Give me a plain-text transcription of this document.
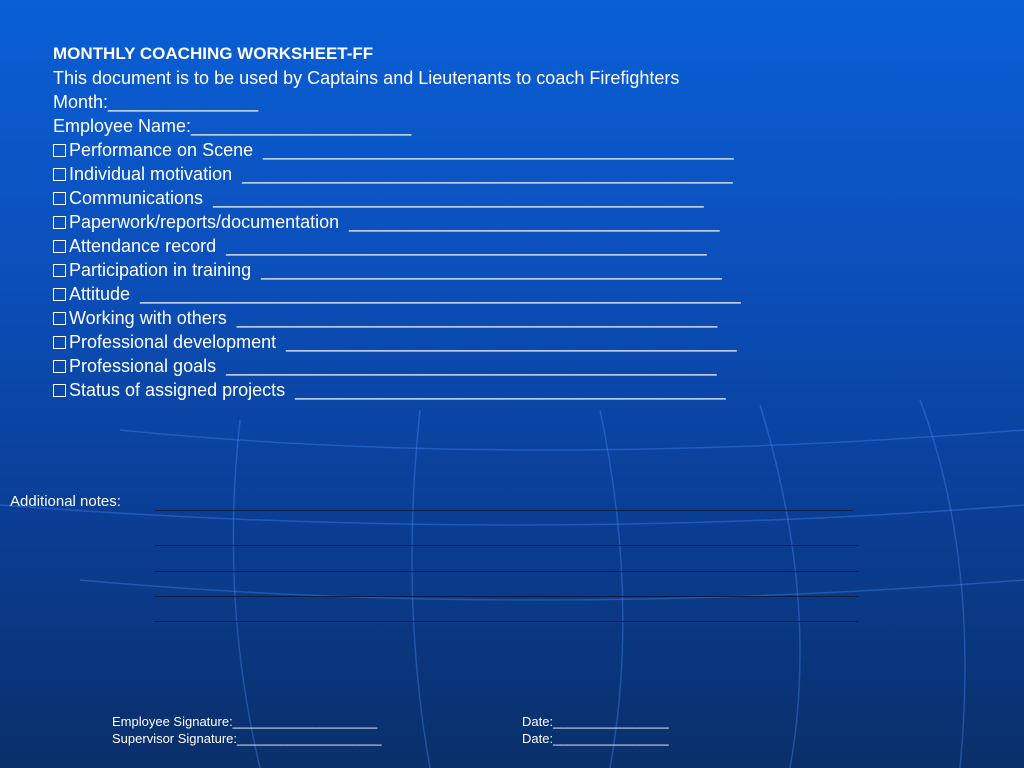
MONTHLY COACHING WORKSHEET-FF
This document is to be used by Captains and Lieutenants to coach Firefighters
Month:_______________
Employee Name:______________________
Performance on Scene _______________________________________________
Individual motivation _________________________________________________
Communications _________________________________________________
Paperwork/reports/documentation _____________________________________
Attendance record ________________________________________________
Participation in training ______________________________________________
Attitude ____________________________________________________________
Working with others ________________________________________________
Professional development _____________________________________________
Professional goals _________________________________________________
Status of assigned projects ___________________________________________
Additional notes:
Employee Signature:____________________
Supervisor Signature:____________________
Date:________________
Date:________________
